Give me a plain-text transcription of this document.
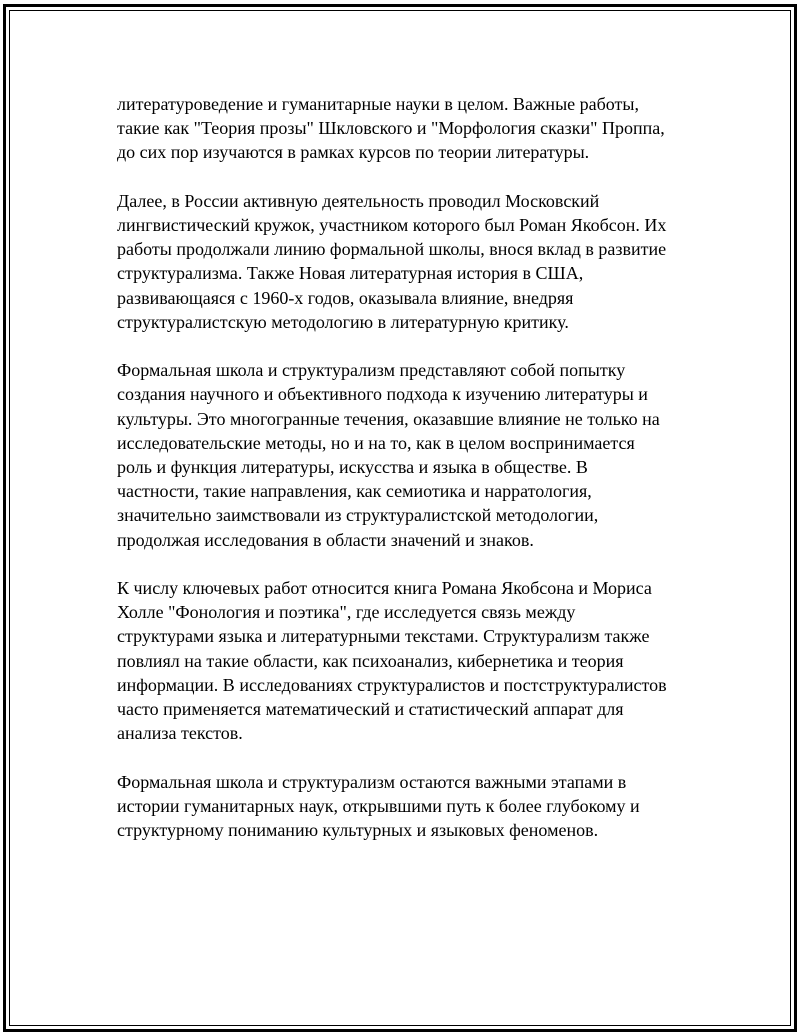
литературоведение и гуманитарные науки в целом. Важные работы,
такие как "Теория прозы" Шкловского и "Морфология сказки" Проппа,
до сих пор изучаются в рамках курсов по теории литературы.

Далее, в России активную деятельность проводил Московский
лингвистический кружок, участником которого был Роман Якобсон. Их
работы продолжали линию формальной школы, внося вклад в развитие
структурализма. Также Новая литературная история в США,
развивающаяся с 1960-х годов, оказывала влияние, внедряя
структуралистскую методологию в литературную критику.

Формальная школа и структурализм представляют собой попытку
создания научного и объективного подхода к изучению литературы и
культуры. Это многогранные течения, оказавшие влияние не только на
исследовательские методы, но и на то, как в целом воспринимается
роль и функция литературы, искусства и языка в обществе. В
частности, такие направления, как семиотика и нарратология,
значительно заимствовали из структуралистской методологии,
продолжая исследования в области значений и знаков.

К числу ключевых работ относится книга Романа Якобсона и Мориса
Холле "Фонология и поэтика", где исследуется связь между
структурами языка и литературными текстами. Структурализм также
повлиял на такие области, как психоанализ, кибернетика и теория
информации. В исследованиях структуралистов и постструктуралистов
часто применяется математический и статистический аппарат для
анализа текстов.

Формальная школа и структурализм остаются важными этапами в
истории гуманитарных наук, открывшими путь к более глубокому и
структурному пониманию культурных и языковых феноменов.
